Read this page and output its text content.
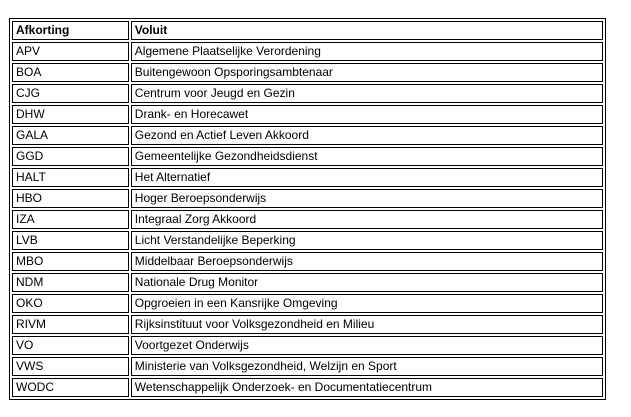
Afkorting	Voluit
APV	Algemene Plaatselijke Verordening
BOA	Buitengewoon Opsporingsambtenaar
CJG	Centrum voor Jeugd en Gezin
DHW	Drank- en Horecawet
GALA	Gezond en Actief Leven Akkoord
GGD	Gemeentelijke Gezondheidsdienst
HALT	Het Alternatief
HBO	Hoger Beroepsonderwijs
IZA	Integraal Zorg Akkoord
LVB	Licht Verstandelijke Beperking
MBO	Middelbaar Beroepsonderwijs
NDM	Nationale Drug Monitor
OKO	Opgroeien in een Kansrijke Omgeving
RIVM	Rijksinstituut voor Volksgezondheid en Milieu
VO	Voortgezet Onderwijs
VWS	Ministerie van Volksgezondheid, Welzijn en Sport
WODC	Wetenschappelijk Onderzoek- en Documentatiecentrum
